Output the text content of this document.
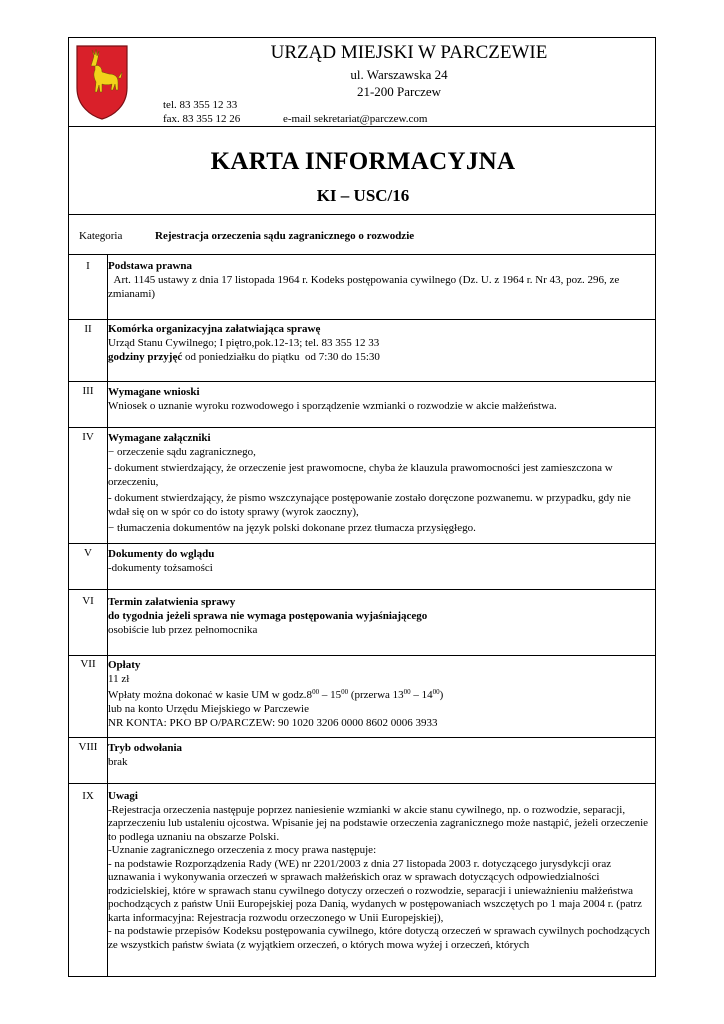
URZĄD MIEJSKI W PARCZEWIE
ul. Warszawska 24
21-200 Parczew
tel. 83 355 12 33
fax. 83 355 12 26	e-mail sekretariat@parczew.com
KARTA INFORMACYJNA
KI – USC/16
Kategoria	Rejestracja orzeczenia sądu zagranicznego o rozwodzie
I	Podstawa prawna

Art. 1145 ustawy z dnia 17 listopada 1964 r. Kodeks postępowania cywilnego (Dz. U. z 1964 r. Nr 43, poz. 296, ze zmianami)

II	Komórka organizacyjna załatwiająca sprawę

Urząd Stanu Cywilnego; I piętro,pok.12-13; tel. 83 355 12 33

godziny przyjęć od poniedziałku do piątku  od 7:30 do 15:30

III	Wymagane wnioski

Wniosek o uznanie wyroku rozwodowego i sporządzenie wzmianki o rozwodzie w akcie małżeństwa.

IV	Wymagane załączniki

− orzeczenie sądu zagranicznego,

- dokument stwierdzający, że orzeczenie jest prawomocne, chyba że klauzula prawomocności jest zamieszczona w orzeczeniu,

- dokument stwierdzający, że pismo wszczynające postępowanie zostało doręczone pozwanemu. w przypadku, gdy nie wdał się on w spór co do istoty sprawy (wyrok zaoczny),

− tłumaczenia dokumentów na język polski dokonane przez tłumacza przysięgłego.

V	Dokumenty do wglądu

-dokumenty tożsamości

VI	Termin załatwienia sprawy

do tygodnia jeżeli sprawa nie wymaga postępowania wyjaśniającego

osobiście lub przez pełnomocnika

VII	Opłaty

11 zł

Wpłaty można dokonać w kasie UM w $godz.8^{00} - 15^{00}$ (przerwa $13^{00} - 14^{00}$)

lub na konto Urzędu Miejskiego w Parczewie

NR KONTA: PKO BP O/PARCZEW: 90 1020 3206 0000 8602 0006 3933

VIII Tryb odwołania

brak

IX	Uwagi

-Rejestracja orzeczenia następuje poprzez naniesienie wzmianki w akcie stanu cywilnego, np. o rozwodzie, separacji, zaprzeczeniu lub ustaleniu ojcostwa. Wpisanie jej na podstawie orzeczenia zagranicznego może nastąpić, jeżeli orzeczenie to podlega uznaniu na obszarze Polski.

-Uznanie zagranicznego orzeczenia z mocy prawa następuje:

- na podstawie Rozporządzenia Rady (WE) nr 2201/2003 z dnia 27 listopada 2003 r. dotyczącego jurysdykcji oraz uznawania i wykonywania orzeczeń w sprawach małżeńskich oraz w sprawach dotyczących odpowiedzialności rodzicielskiej, które w sprawach stanu cywilnego dotyczy orzeczeń o rozwodzie, separacji i unieważnieniu małżeństwa pochodzących z państw Unii Europejskiej poza Danią, wydanych w postępowaniach wszczętych po 1 maja 2004 r. (patrz karta informacyjna: Rejestracja rozwodu orzeczonego w Unii Europejskiej),

- na podstawie przepisów Kodeksu postępowania cywilnego, które dotyczą orzeczeń w sprawach cywilnych pochodzących ze wszystkich państw świata (z wyjątkiem orzeczeń, o których mowa wyżej i orzeczeń, których
